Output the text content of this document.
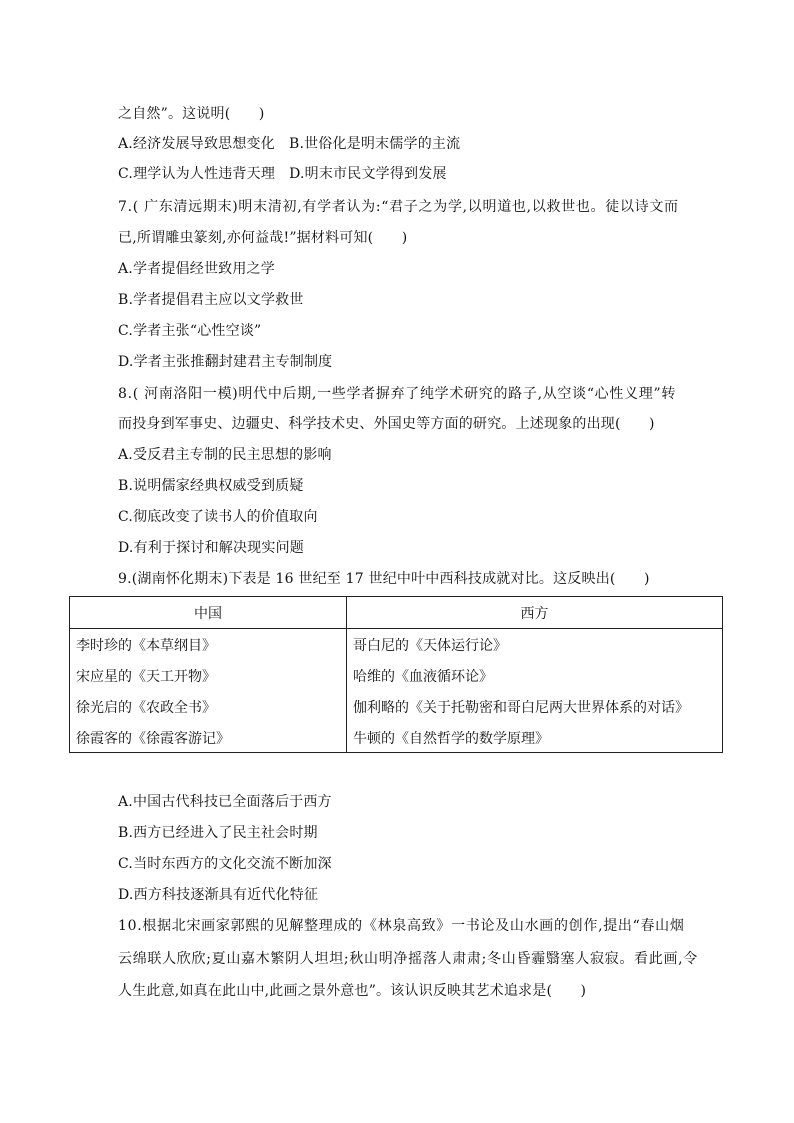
之自然”。这说明(　　)
A.经济发展导致思想变化 B.世俗化是明末儒学的主流
C.理学认为人性违背天理 D.明末市民文学得到发展
7.( 广东清远期末)明末清初,有学者认为:“君子之为学,以明道也,以救世也。徒以诗文而
已,所谓雕虫篆刻,亦何益哉!”据材料可知(　　)
A.学者提倡经世致用之学
B.学者提倡君主应以文学救世
C.学者主张“心性空谈”
D.学者主张推翻封建君主专制制度
8.( 河南洛阳一模)明代中后期,一些学者摒弃了纯学术研究的路子,从空谈“心性义理”转
而投身到军事史、边疆史、科学技术史、外国史等方面的研究。上述现象的出现(　　)
A.受反君主专制的民主思想的影响
B.说明儒家经典权威受到质疑
C.彻底改变了读书人的价值取向
D.有利于探讨和解决现实问题
9.(湖南怀化期末)下表是 16 世纪至 17 世纪中叶中西科技成就对比。这反映出(　　)
中国	西方
李时珍的《本草纲目》	哥白尼的《天体运行论》
宋应星的《天工开物》	哈维的《血液循环论》
徐光启的《农政全书》	伽利略的《关于托勒密和哥白尼两大世界体系的对话》
徐霞客的《徐霞客游记》	牛顿的《自然哲学的数学原理》
A.中国古代科技已全面落后于西方
B.西方已经进入了民主社会时期
C.当时东西方的文化交流不断加深
D.西方科技逐渐具有近代化特征
10.根据北宋画家郭熙的见解整理成的《林泉高致》一书论及山水画的创作,提出“春山烟
云绵联人欣欣;夏山嘉木繁阴人坦坦;秋山明净摇落人肃肃;冬山昏霾翳塞人寂寂。看此画,令
人生此意,如真在此山中,此画之景外意也”。该认识反映其艺术追求是(　　)
